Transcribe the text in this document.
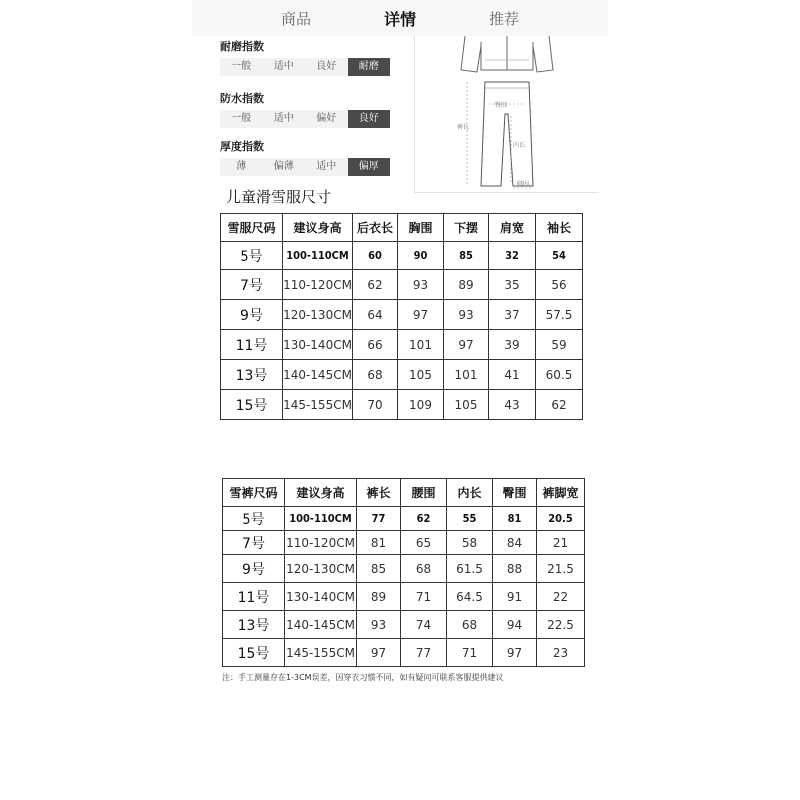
商品	详情	推荐
耐磨指数
一般	适中	良好	耐磨
防水指数
一般	适中	偏好	良好
厚度指数
薄	偏薄	适中	偏厚
臀围
裤长
内长
脚围
儿童滑雪服尺寸
雪服尺码	建议身高	后衣长	胸围	下摆	肩宽	袖长
5号	100-110CM	60	90	85	32	54
7号	110-120CM	62	93	89	35	56
9号	120-130CM	64	97	93	37	57.5
11号	130-140CM	66	101	97	39	59
13号	140-145CM	68	105	101	41	60.5
15号	145-155CM	70	109	105	43	62
雪裤尺码	建议身高	裤长	腰围	内长	臀围	裤脚宽
5号	100-110CM	77	62	55	81	20.5
7号	110-120CM	81	65	58	84	21
9号	120-130CM	85	68	61.5	88	21.5
11号	130-140CM	89	71	64.5	91	22
13号	140-145CM	93	74	68	94	22.5
15号	145-155CM	97	77	71	97	23
注：手工测量存在1-3CM误差，因穿衣习惯不同，如有疑问可联系客服提供建议
